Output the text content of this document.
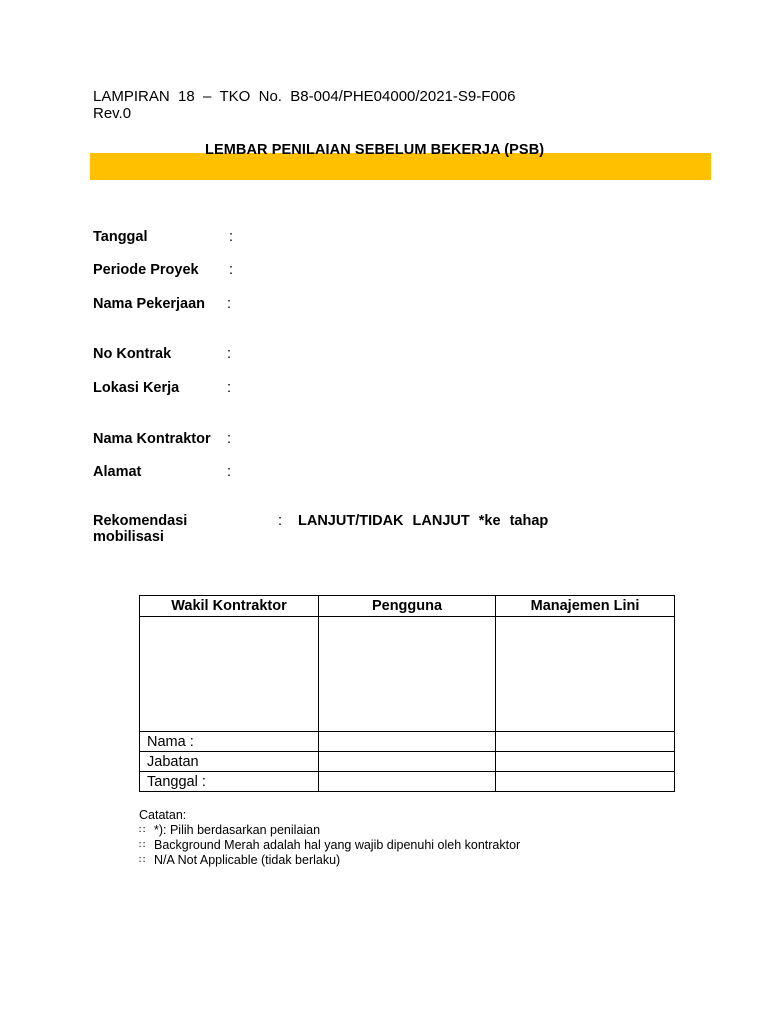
LAMPIRAN  18  –  TKO  No.  B8-004/PHE04000/2021-S9-F006
Rev.0
LEMBAR PENILAIAN SEBELUM BEKERJA (PSB)
Tanggal	:
Periode Proyek :
Nama Pekerjaan :
No Kontrak	:
Lokasi Kerja	:
Nama Kontraktor :
Alamat	:
Rekomendasi
mobilisasi
: LANJUT/TIDAK LANJUT *ke tahap
Wakil Kontraktor	Pengguna	Manajemen Lini

Nama :		
Jabatan		
Tanggal :		
Catatan:
∷ *): Pilih berdasarkan penilaian
∷ Background Merah adalah hal yang wajib dipenuhi oleh kontraktor
∷ N/A Not Applicable (tidak berlaku)
